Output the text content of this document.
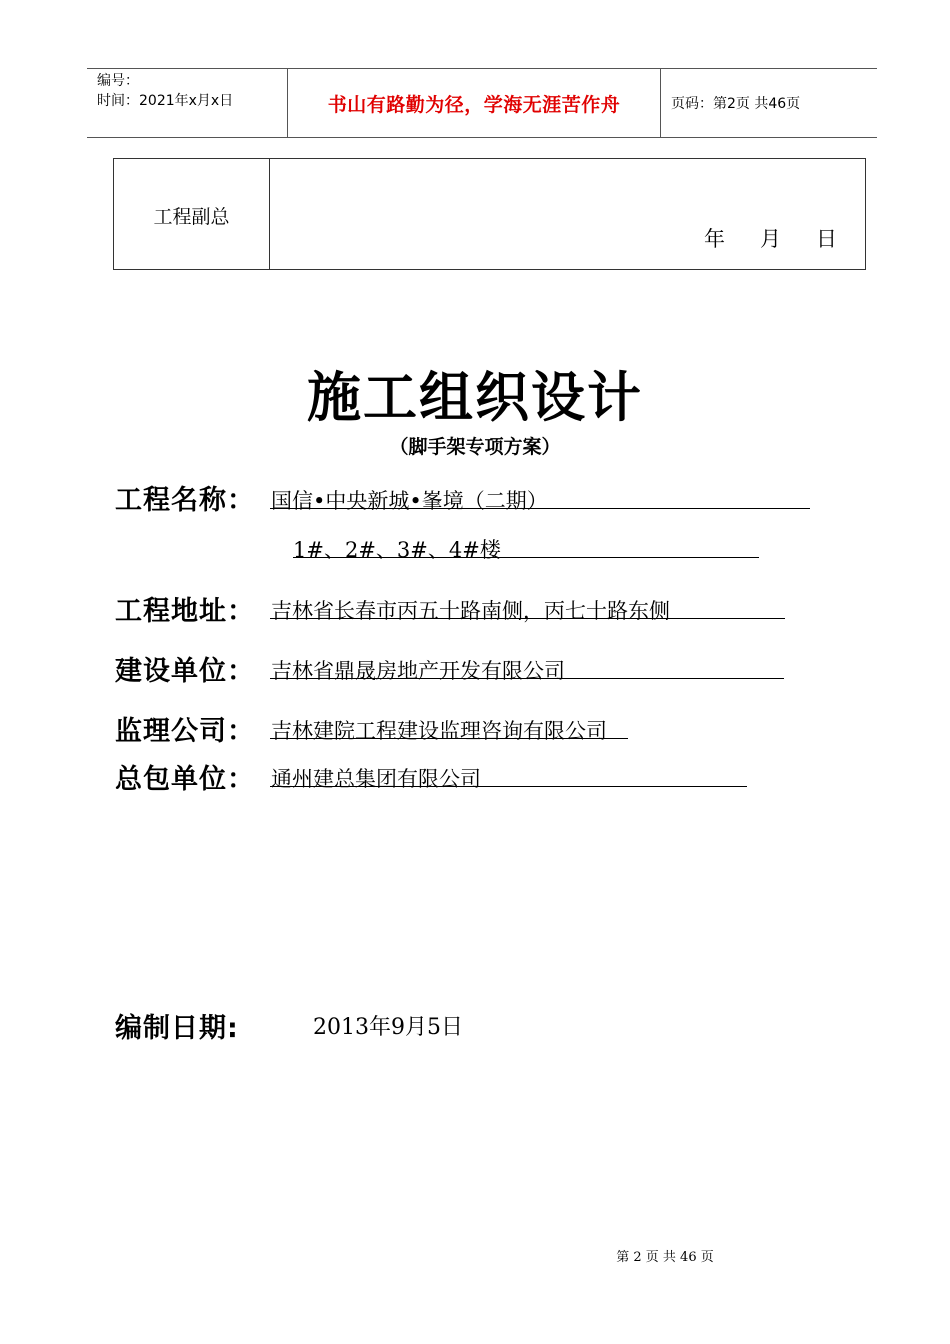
编号：
时间：2021年x月x日	书山有路勤为径，学海无涯苦作舟	页码：第2页 共46页
工程副总
年 月 日
施工组织设计
（脚手架专项方案）
工程名称： 国信•中央新城•峯境（二期）
1#、2#、3#、4#楼
工程地址： 吉林省长春市丙五十路南侧，丙七十路东侧
建设单位： 吉林省鼎晟房地产开发有限公司
监理公司： 吉林建院工程建设监理咨询有限公司
总包单位： 通州建总集团有限公司
编制日期:	2013年9月5日
第 2 页 共 46 页
